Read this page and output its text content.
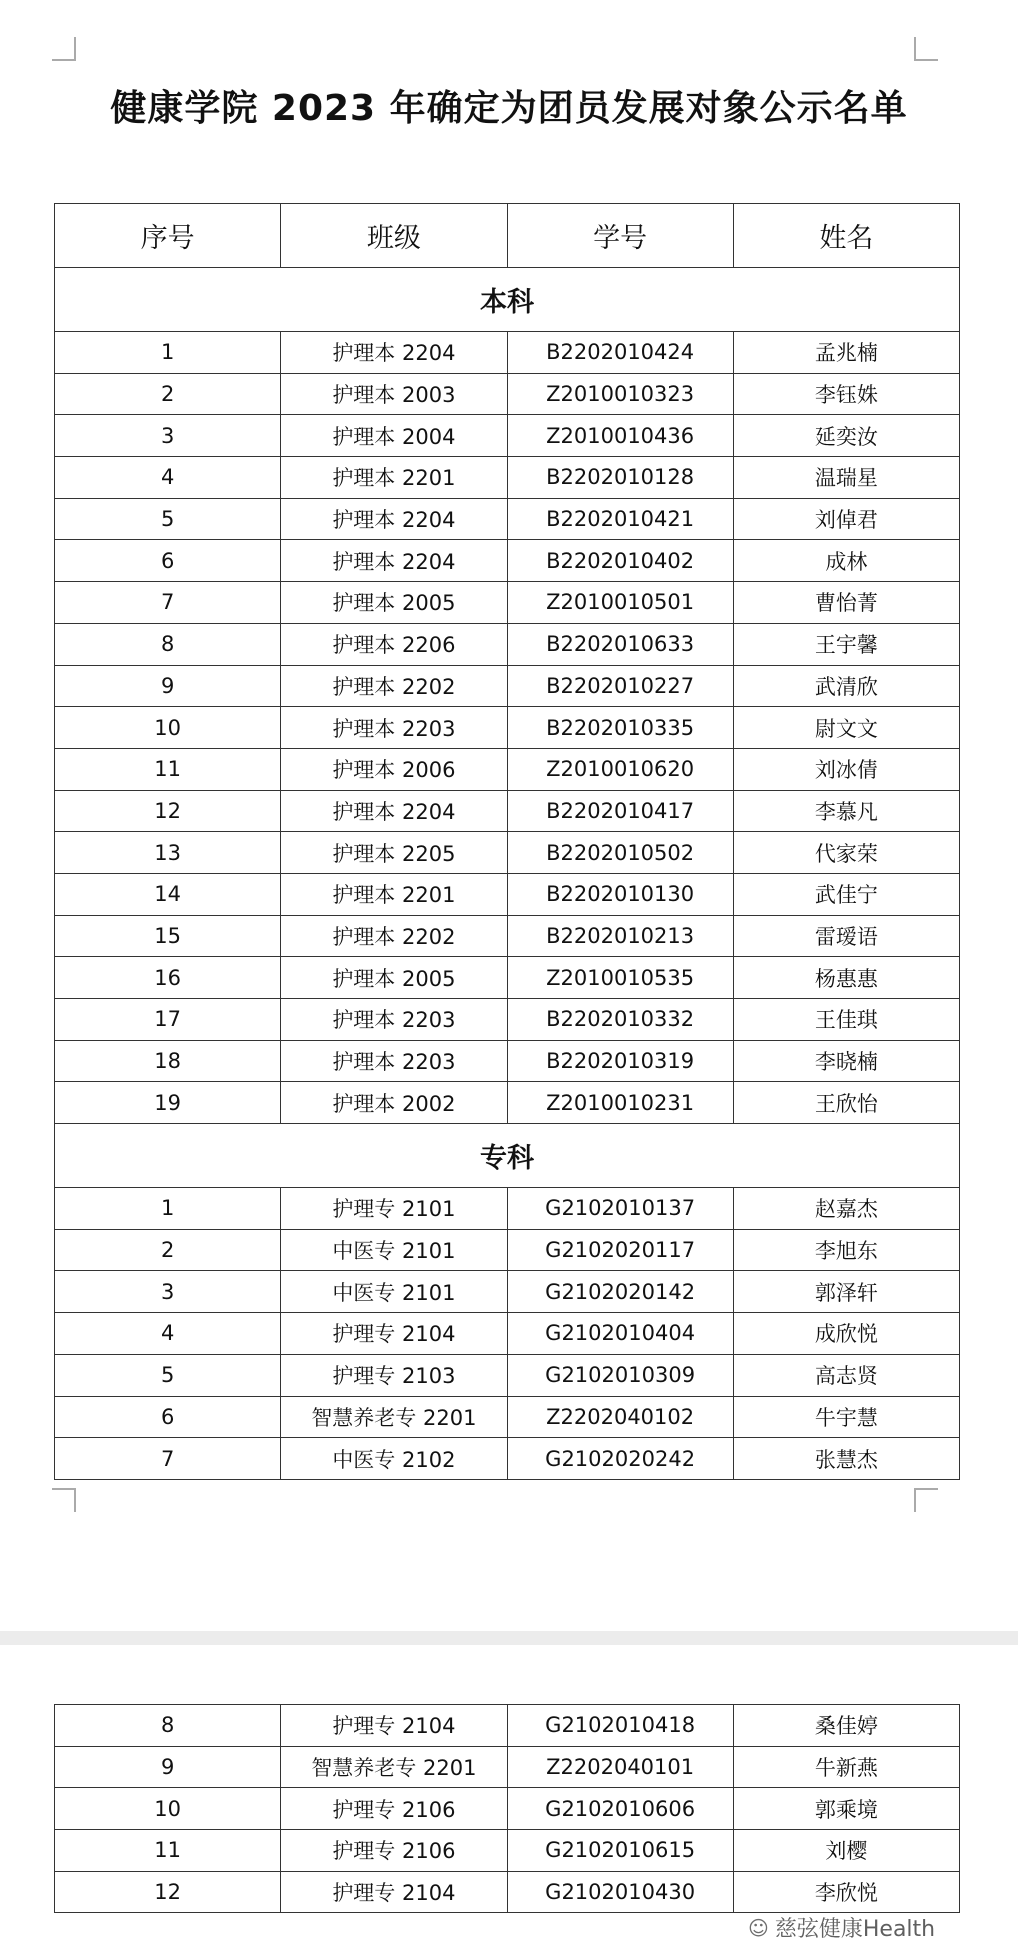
健康学院 2023 年确定为团员发展对象公示名单
序号	班级	学号	姓名
本科			
1	护理本 2204	B2202010424	孟兆楠
2	护理本 2003	Z2010010323	李钰姝
3	护理本 2004	Z2010010436	延奕汝
4	护理本 2201	B2202010128	温瑞星
5	护理本 2204	B2202010421	刘倬君
6	护理本 2204	B2202010402	成林
7	护理本 2005	Z2010010501	曹怡菁
8	护理本 2206	B2202010633	王宇馨
9	护理本 2202	B2202010227	武清欣
10	护理本 2203	B2202010335	尉文文
11	护理本 2006	Z2010010620	刘冰倩
12	护理本 2204	B2202010417	李慕凡
13	护理本 2205	B2202010502	代家荣
14	护理本 2201	B2202010130	武佳宁
15	护理本 2202	B2202010213	雷瑷语
16	护理本 2005	Z2010010535	杨惠惠
17	护理本 2203	B2202010332	王佳琪
18	护理本 2203	B2202010319	李晓楠
19	护理本 2002	Z2010010231	王欣怡
专科			
1	护理专 2101	G2102010137	赵嘉杰
2	中医专 2101	G2102020117	李旭东
3	中医专 2101	G2102020142	郭泽轩
4	护理专 2104	G2102010404	成欣悦
5	护理专 2103	G2102010309	高志贤
6	智慧养老专 2201	Z2202040102	牛宇慧
7	中医专 2102	G2102020242	张慧杰
8	护理专 2104	G2102010418	桑佳婷
9	智慧养老专 2201	Z2202040101	牛新燕
10	护理专 2106	G2102010606	郭乘境
11	护理专 2106	G2102010615	刘樱
12	护理专 2104	G2102010430	李欣悦
☺ 慈弦健康Health
